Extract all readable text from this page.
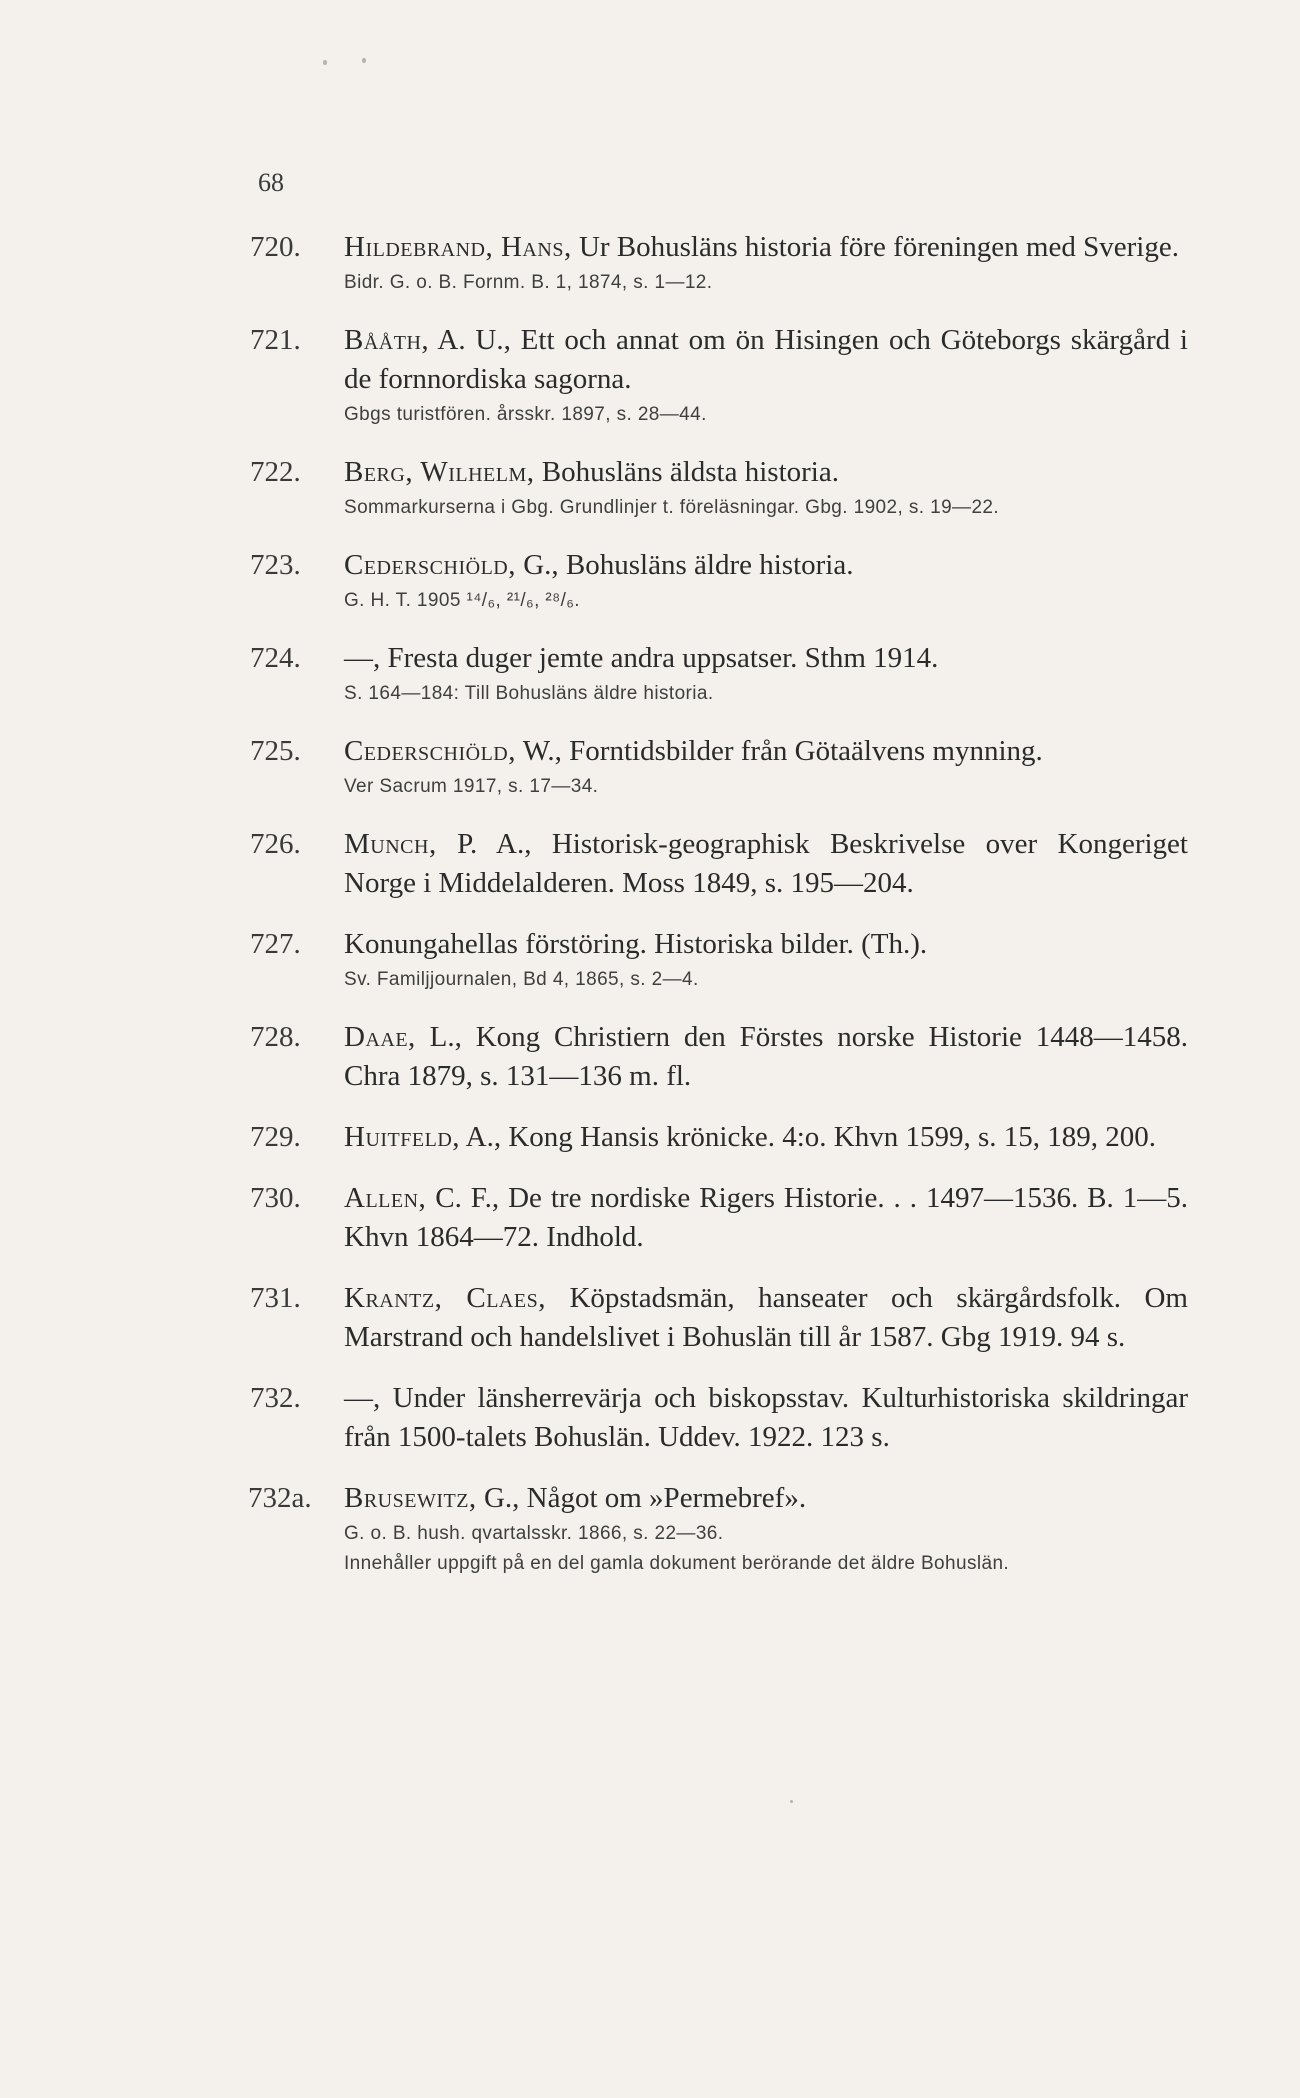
68
720. Hildebrand, Hans, Ur Bohusläns historia före föreningen med Sverige.
Bidr. G. o. B. Fornm. B. 1, 1874, s. 1—12.
721. Bååth, A. U., Ett och annat om ön Hisingen och Göteborgs skärgård i de fornnordiska sagorna.
Gbgs turistfören. årsskr. 1897, s. 28—44.
722. Berg, Wilhelm, Bohusläns äldsta historia.
Sommarkurserna i Gbg. Grundlinjer t. föreläsningar. Gbg. 1902, s. 19—22.
723. Cederschiöld, G., Bohusläns äldre historia.
G. H. T. 1905 ¹⁴/₆, ²¹/₆, ²⁸/₆.
724. —, Fresta duger jemte andra uppsatser. Sthm 1914.
S. 164—184: Till Bohusläns äldre historia.
725. Cederschiöld, W., Forntidsbilder från Götaälvens mynning.
Ver Sacrum 1917, s. 17—34.
726. Munch, P. A., Historisk-geographisk Beskrivelse over Kongeriget Norge i Middelalderen. Moss 1849, s. 195—204.
727. Konungahellas förstöring. Historiska bilder. (Th.).
Sv. Familjjournalen, Bd 4, 1865, s. 2—4.
728. Daae, L., Kong Christiern den Förstes norske Historie 1448—1458. Chra 1879, s. 131—136 m. fl.
729. Huitfeld, A., Kong Hansis krönicke. 4:o. Khvn 1599, s. 15, 189, 200.
730. Allen, C. F., De tre nordiske Rigers Historie. . . 1497—1536. B. 1—5. Khvn 1864—72. Indhold.
731. Krantz, Claes, Köpstadsmän, hanseater och skärgårdsfolk. Om Marstrand och handelslivet i Bohuslän till år 1587. Gbg 1919. 94 s.
732. —, Under länsherrevärja och biskopsstav. Kulturhistoriska skildringar från 1500-talets Bohuslän. Uddev. 1922. 123 s.
732a. Brusewitz, G., Något om »Permebref».
G. o. B. hush. qvartalsskr. 1866, s. 22—36.
Innehåller uppgift på en del gamla dokument berörande det äldre Bohuslän.
